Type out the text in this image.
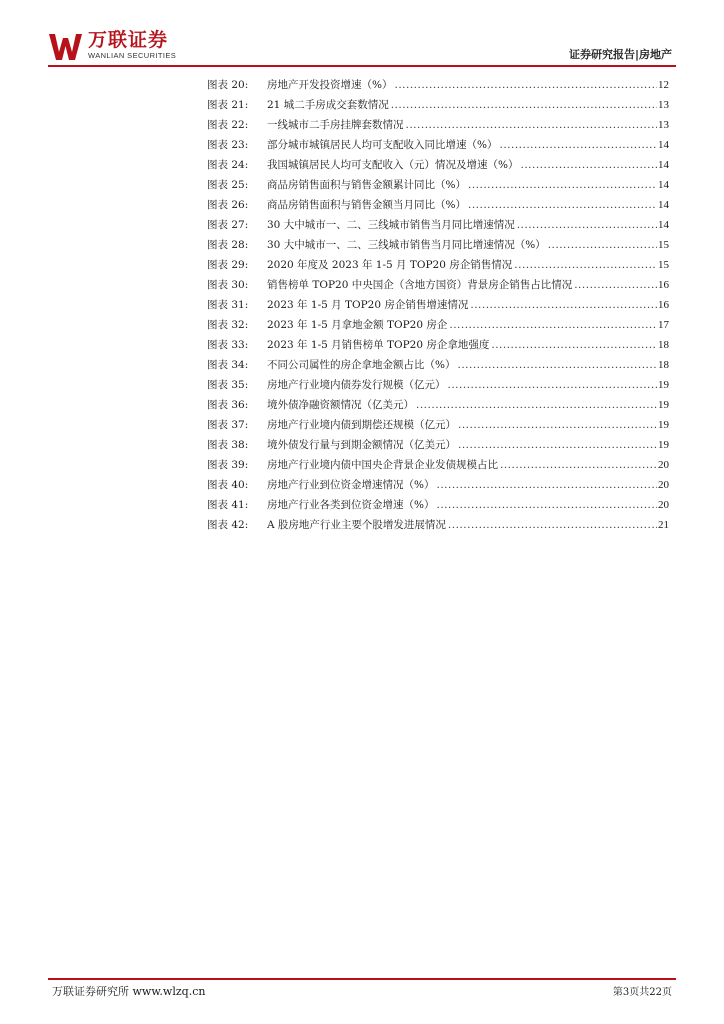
万联证券
WANLIAN SECURITIES	证券研究报告|房地产
图表 20:	房地产开发投资增速（%） .....	12
图表 21:	21 城二手房成交套数情况 .....	13
图表 22:	一线城市二手房挂牌套数情况 .....	13
图表 23:	部分城市城镇居民人均可支配收入同比增速（%） .....	14
图表 24:	我国城镇居民人均可支配收入（元）情况及增速（%） .....	14
图表 25:	商品房销售面积与销售金额累计同比（%） .....	14
图表 26:	商品房销售面积与销售金额当月同比（%） .....	14
图表 27:	30 大中城市一、二、三线城市销售当月同比增速情况 .....	14
图表 28:	30 大中城市一、二、三线城市销售当月同比增速情况（%） .....	15
图表 29:	2020 年度及 2023 年 1-5 月 TOP20 房企销售情况 .....	15
图表 30:	销售榜单 TOP20 中央国企（含地方国资）背景房企销售占比情况 .....	16
图表 31:	2023 年 1-5 月 TOP20 房企销售增速情况 .....	16
图表 32:	2023 年 1-5 月拿地金额 TOP20 房企 .....	17
图表 33:	2023 年 1-5 月销售榜单 TOP20 房企拿地强度 .....	18
图表 34:	不同公司属性的房企拿地金额占比（%） .....	18
图表 35:	房地产行业境内债券发行规模（亿元） .....	19
图表 36:	境外债净融资额情况（亿美元） .....	19
图表 37:	房地产行业境内债到期偿还规模（亿元） .....	19
图表 38:	境外债发行量与到期金额情况（亿美元） .....	19
图表 39:	房地产行业境内债中国央企背景企业发债规模占比 .....	20
图表 40:	房地产行业到位资金增速情况（%） .....	20
图表 41:	房地产行业各类到位资金增速（%） .....	20
图表 42:	A 股房地产行业主要个股增发进展情况 .....	21
万联证券研究所 www.wlzq.cn	第3页共22页
